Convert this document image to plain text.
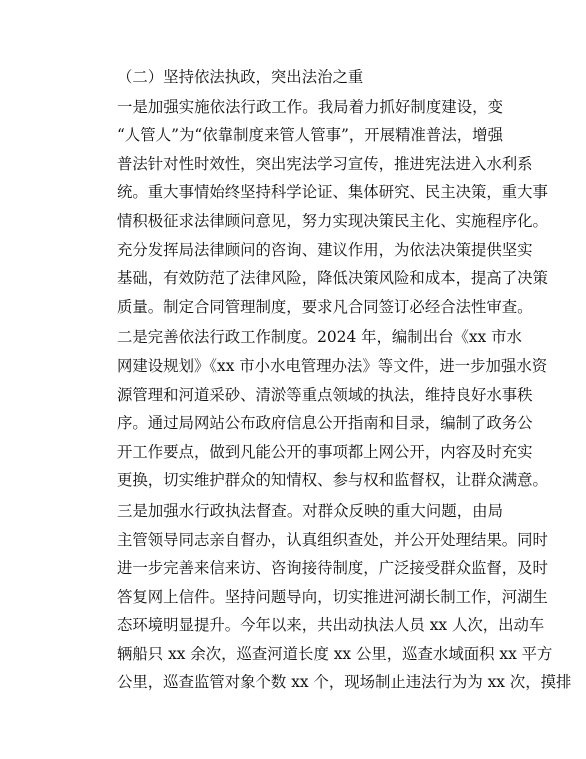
（二）坚持依法执政，突出法治之重
一是加强实施依法行政工作。我局着力抓好制度建设，变
“人管人”为“依靠制度来管人管事”，开展精准普法，增强
普法针对性时效性，突出宪法学习宣传，推进宪法进入水利系
统。重大事情始终坚持科学论证、集体研究、民主决策，重大事
情积极征求法律顾问意见，努力实现决策民主化、实施程序化。
充分发挥局法律顾问的咨询、建议作用，为依法决策提供坚实
基础，有效防范了法律风险，降低决策风险和成本，提高了决策
质量。制定合同管理制度，要求凡合同签订必经合法性审查。
二是完善依法行政工作制度。2024 年，编制出台《xx 市水
网建设规划》《xx 市小水电管理办法》等文件，进一步加强水资
源管理和河道采砂、清淤等重点领域的执法，维持良好水事秩
序。通过局网站公布政府信息公开指南和目录，编制了政务公
开工作要点，做到凡能公开的事项都上网公开，内容及时充实
更换，切实维护群众的知情权、参与权和监督权，让群众满意。
三是加强水行政执法督查。对群众反映的重大问题，由局
主管领导同志亲自督办，认真组织查处，并公开处理结果。同时
进一步完善来信来访、咨询接待制度，广泛接受群众监督，及时
答复网上信件。坚持问题导向，切实推进河湖长制工作，河湖生
态环境明显提升。今年以来，共出动执法人员 xx 人次，出动车
辆船只 xx 余次，巡查河道长度 xx 公里，巡查水域面积 xx 平方
公里，巡查监管对象个数 xx 个，现场制止违法行为为 xx 次，摸排
